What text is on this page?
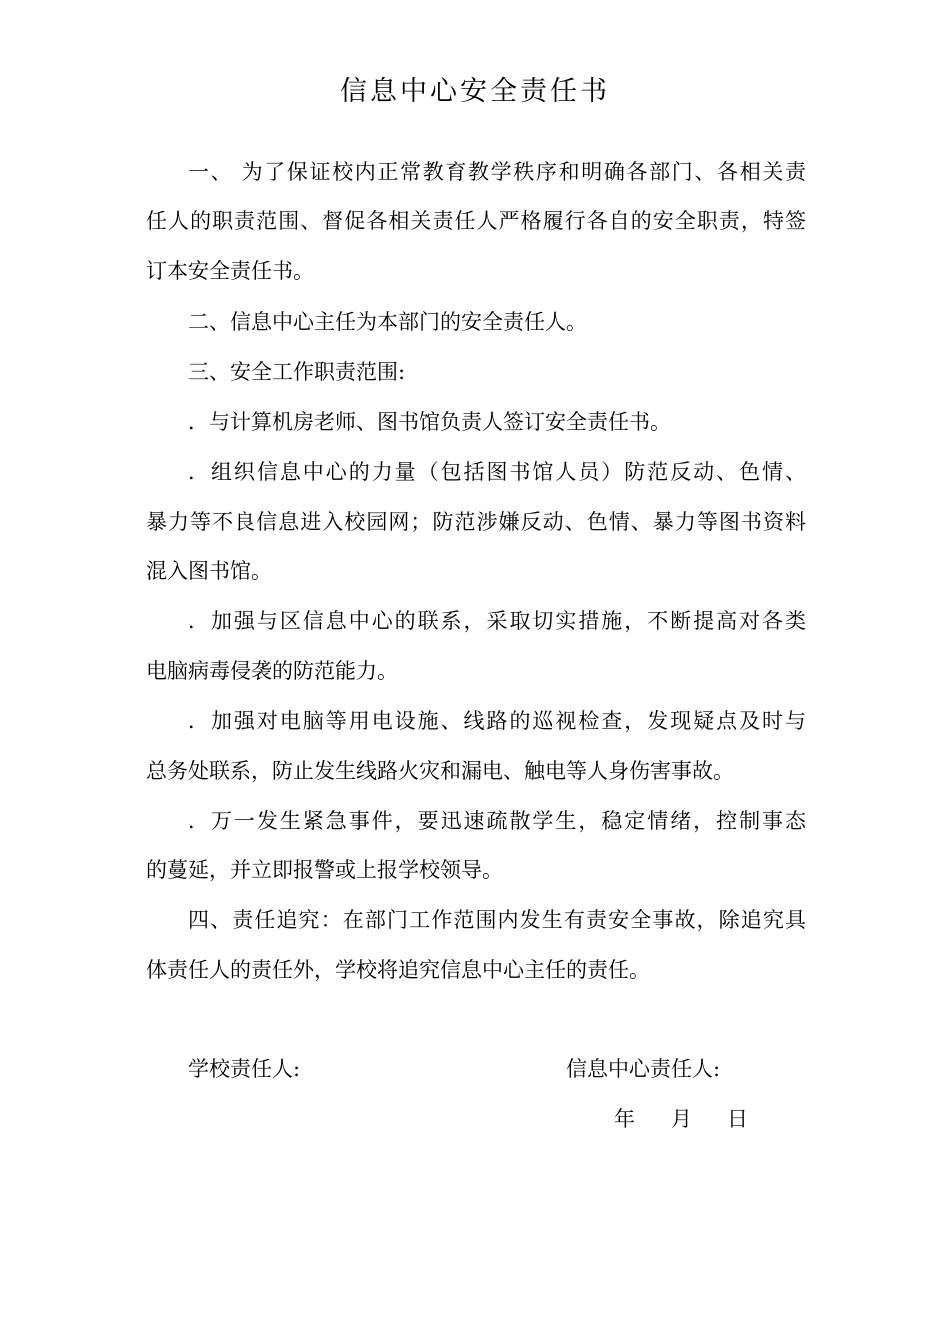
信息中心安全责任书
一、 为了保证校内正常教育教学秩序和明确各部门、各相关责
任人的职责范围、督促各相关责任人严格履行各自的安全职责，特签
订本安全责任书。
二、信息中心主任为本部门的安全责任人。
三、安全工作职责范围:
．与计算机房老师、图书馆负责人签订安全责任书。
．组织信息中心的力量（包括图书馆人员）防范反动、色情、
暴力等不良信息进入校园网；防范涉嫌反动、色情、暴力等图书资料
混入图书馆。
．加强与区信息中心的联系，采取切实措施，不断提高对各类
电脑病毒侵袭的防范能力。
．加强对电脑等用电设施、线路的巡视检查，发现疑点及时与
总务处联系，防止发生线路火灾和漏电、触电等人身伤害事故。
．万一发生紧急事件，要迅速疏散学生，稳定情绪，控制事态
的蔓延，并立即报警或上报学校领导。
四、责任追究：在部门工作范围内发生有责安全事故，除追究具
体责任人的责任外，学校将追究信息中心主任的责任。
学校责任人:	信息中心责任人:
年 月 日
